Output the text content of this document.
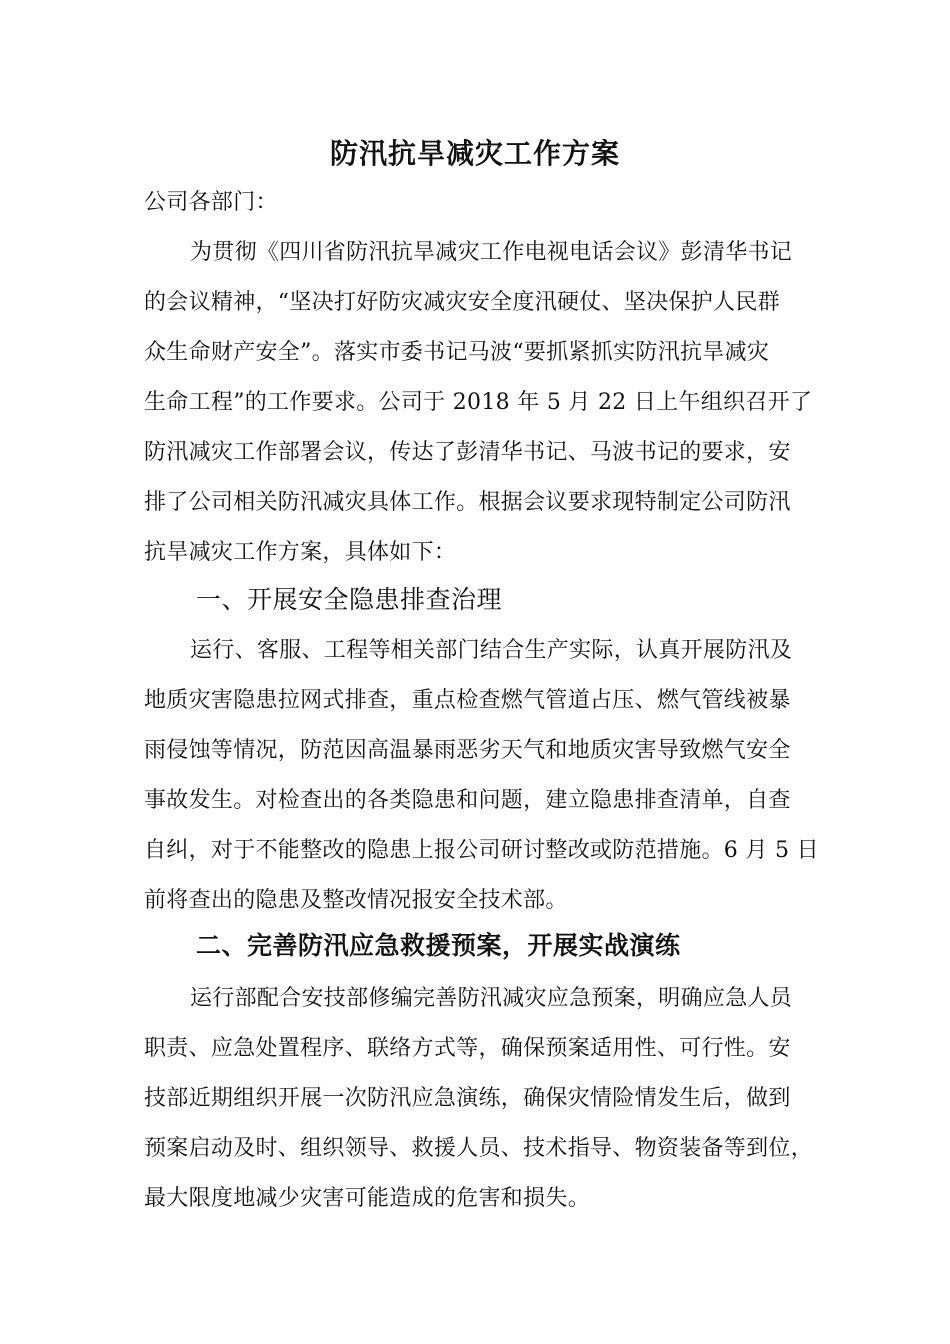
防汛抗旱减灾工作方案
公司各部门：
为贯彻《四川省防汛抗旱减灾工作电视电话会议》彭清华书记
的会议精神，“坚决打好防灾减灾安全度汛硬仗、坚决保护人民群
众生命财产安全”。落实市委书记马波“要抓紧抓实防汛抗旱减灾
生命工程”的工作要求。公司于 2018 年 5 月 22 日上午组织召开了
防汛减灾工作部署会议，传达了彭清华书记、马波书记的要求，安
排了公司相关防汛减灾具体工作。根据会议要求现特制定公司防汛
抗旱减灾工作方案，具体如下：
一、开展安全隐患排查治理
运行、客服、工程等相关部门结合生产实际，认真开展防汛及
地质灾害隐患拉网式排查，重点检查燃气管道占压、燃气管线被暴
雨侵蚀等情况，防范因高温暴雨恶劣天气和地质灾害导致燃气安全
事故发生。对检查出的各类隐患和问题，建立隐患排查清单，自查
自纠，对于不能整改的隐患上报公司研讨整改或防范措施。6 月 5 日
前将查出的隐患及整改情况报安全技术部。
二、完善防汛应急救援预案，开展实战演练
运行部配合安技部修编完善防汛减灾应急预案，明确应急人员
职责、应急处置程序、联络方式等，确保预案适用性、可行性。安
技部近期组织开展一次防汛应急演练，确保灾情险情发生后，做到
预案启动及时、组织领导、救援人员、技术指导、物资装备等到位，
最大限度地减少灾害可能造成的危害和损失。
